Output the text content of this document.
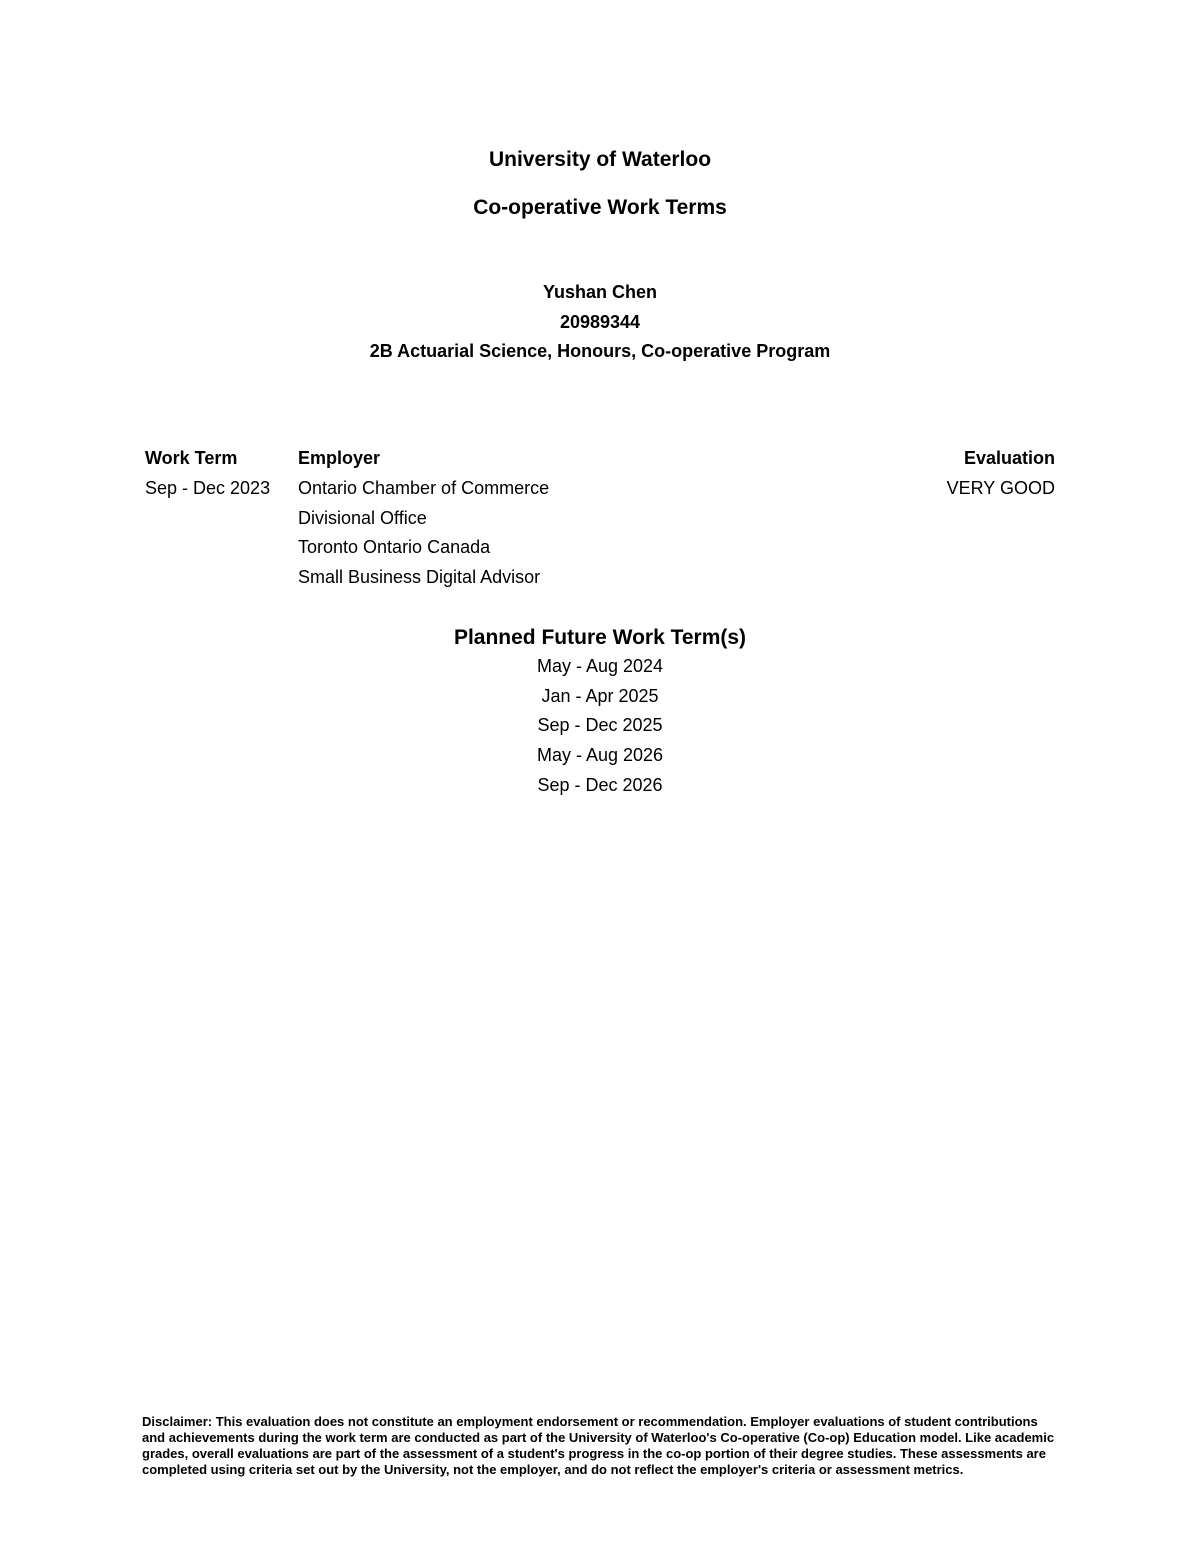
University of Waterloo
Co-operative Work Terms
Yushan Chen
20989344
2B Actuarial Science, Honours, Co-operative Program
Work Term	Employer	Evaluation
Sep - Dec 2023 Ontario Chamber of Commerce
Divisional Office
Toronto Ontario Canada
Small Business Digital Advisor
VERY GOOD
Planned Future Work Term(s)
May - Aug 2024
Jan - Apr 2025
Sep - Dec 2025
May - Aug 2026
Sep - Dec 2026
Disclaimer: This evaluation does not constitute an employment endorsement or recommendation. Employer evaluations of student contributions and achievements during the work term are conducted as part of the University of Waterloo's Co-operative (Co-op) Education model. Like academic grades, overall evaluations are part of the assessment of a student's progress in the co-op portion of their degree studies. These assessments are completed using criteria set out by the University, not the employer, and do not reflect the employer's criteria or assessment metrics.
